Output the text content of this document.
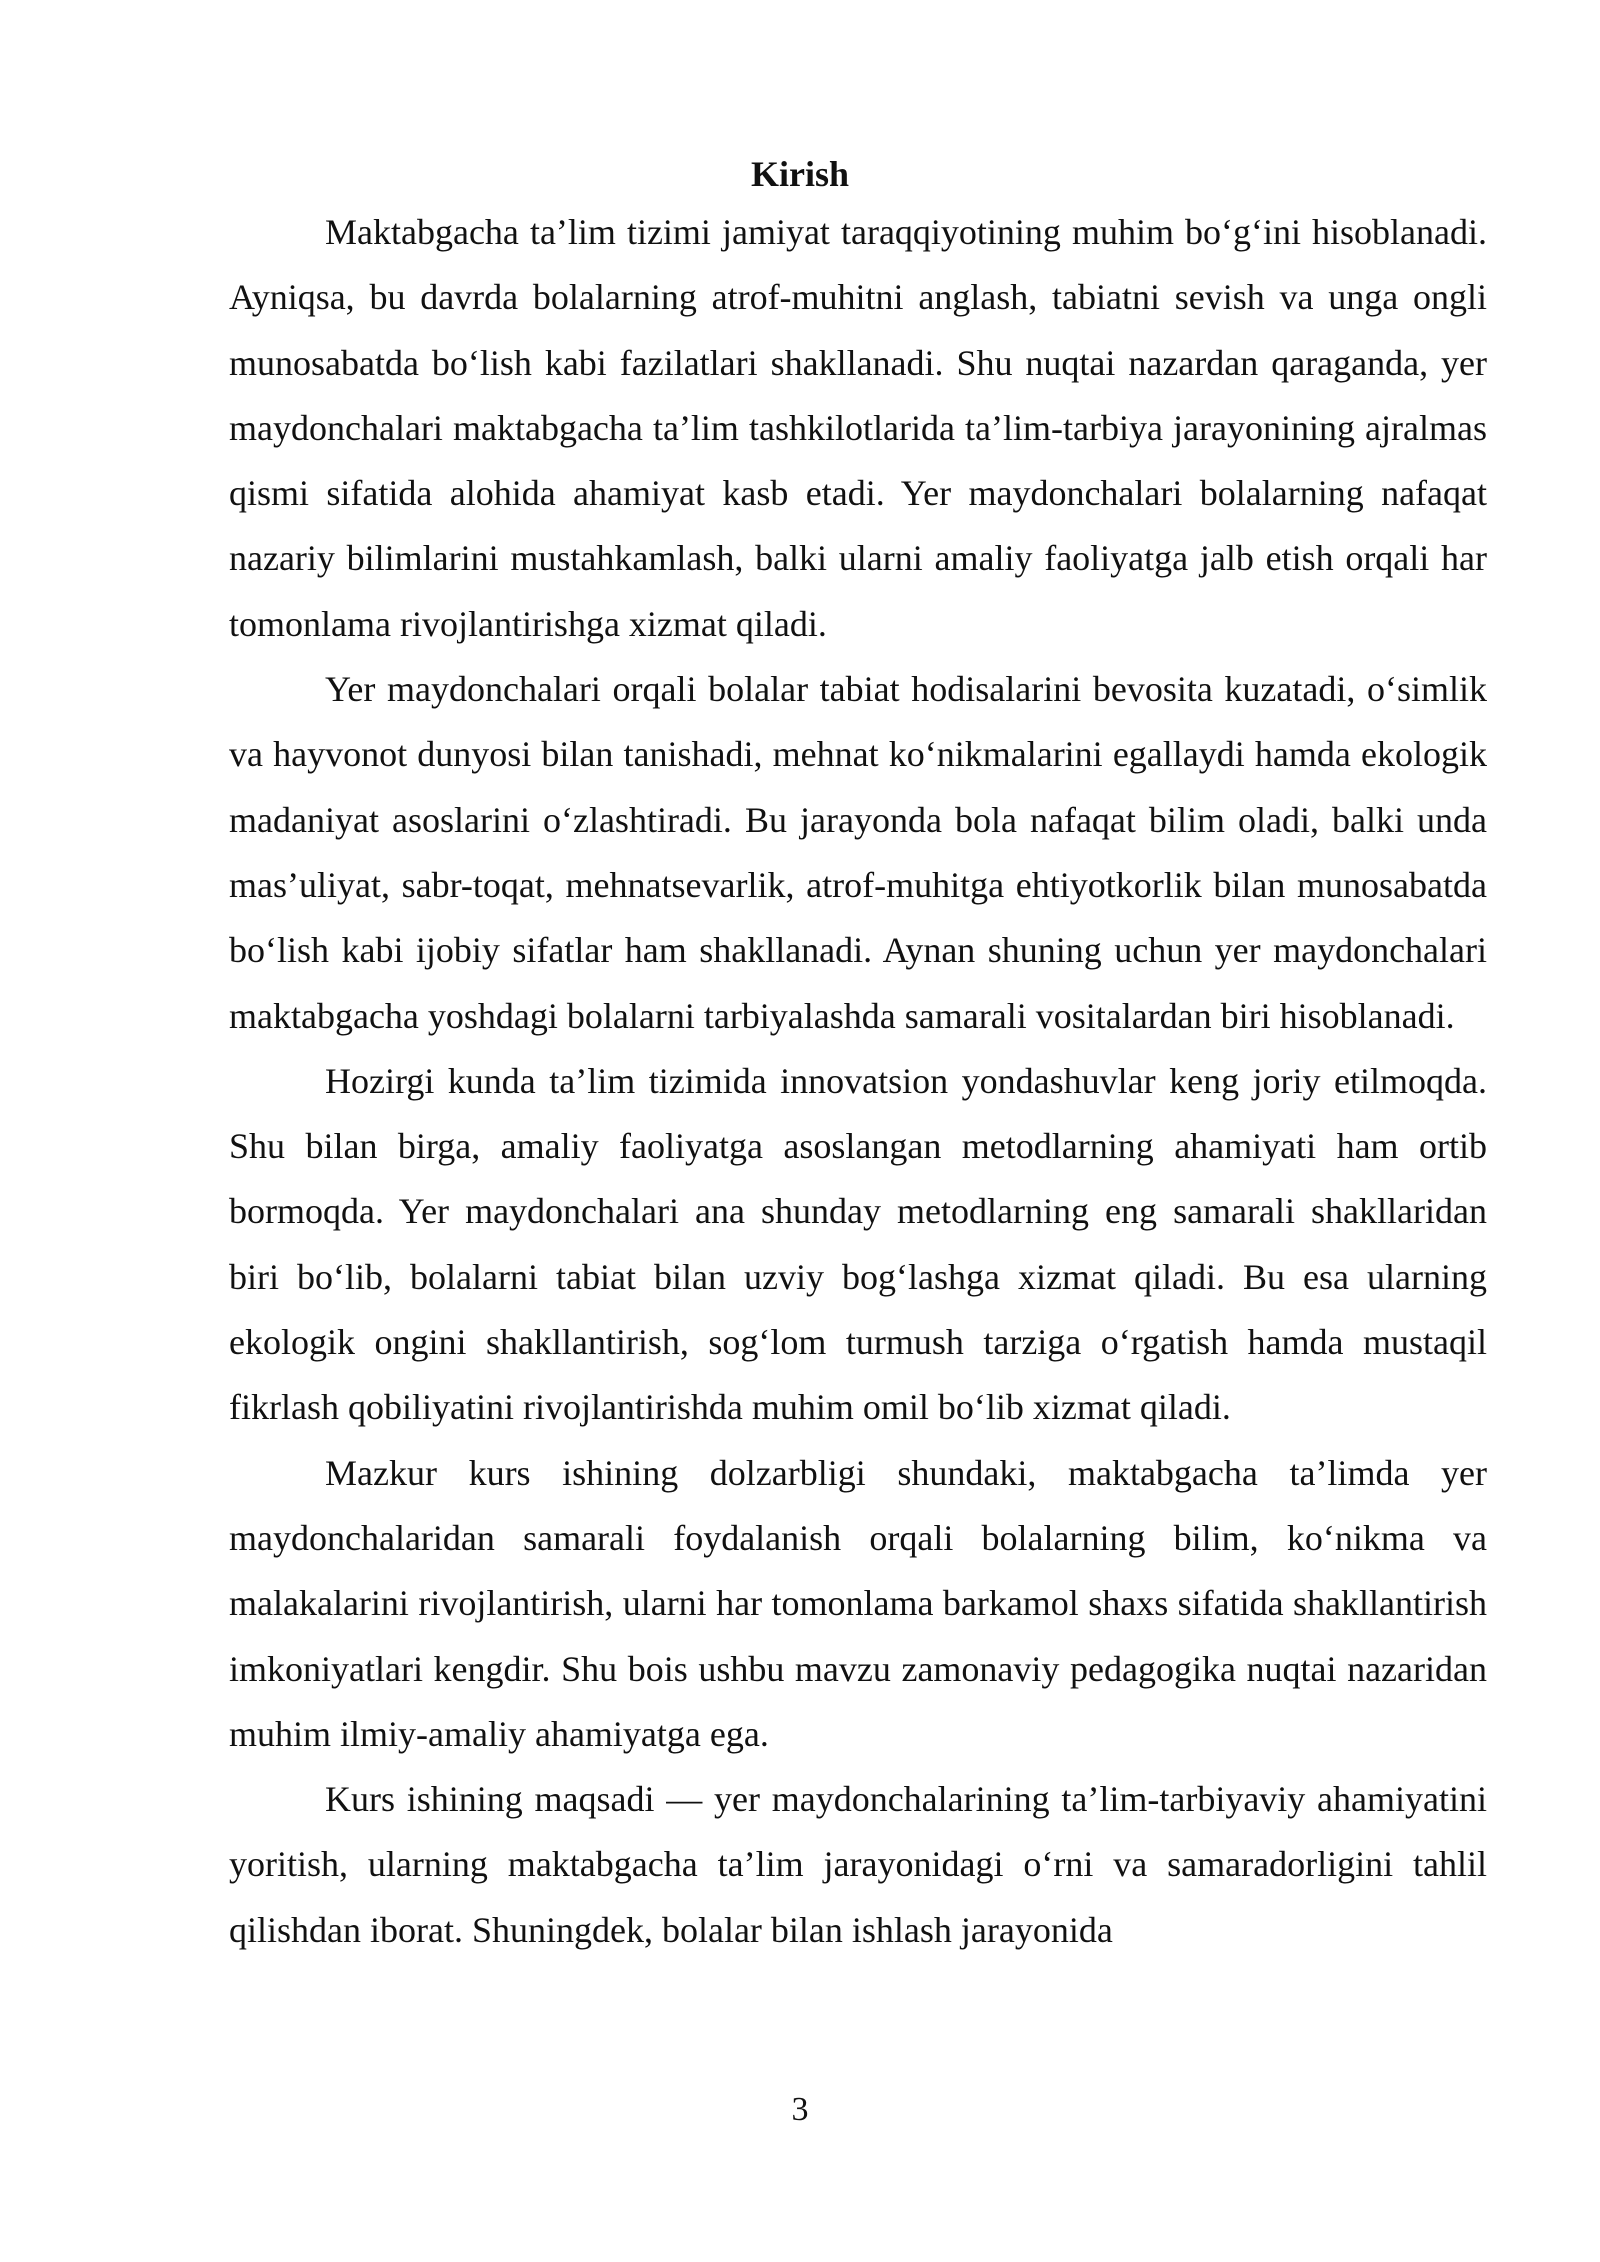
Kirish

Maktabgacha ta’lim tizimi jamiyat taraqqiyotining muhim bo‘g‘ini hisoblanadi. Ayniqsa, bu davrda bolalarning atrof-muhitni anglash, tabiatni sevish va unga ongli munosabatda bo‘lish kabi fazilatlari shakllanadi. Shu nuqtai nazardan qaraganda, yer maydonchalari maktabgacha ta’lim tashkilotlarida ta’lim-tarbiya jarayonining ajralmas qismi sifatida alohida ahamiyat kasb etadi. Yer maydonchalari bolalarning nafaqat nazariy bilimlarini mustahkamlash, balki ularni amaliy faoliyatga jalb etish orqali har tomonlama rivojlantirishga xizmat qiladi.

Yer maydonchalari orqali bolalar tabiat hodisalarini bevosita kuzatadi, o‘simlik va hayvonot dunyosi bilan tanishadi, mehnat ko‘nikmalarini egallaydi hamda ekologik madaniyat asoslarini o‘zlashtiradi. Bu jarayonda bola nafaqat bilim oladi, balki unda mas’uliyat, sabr-toqat, mehnatsevarlik, atrof-muhitga ehtiyotkorlik bilan munosabatda bo‘lish kabi ijobiy sifatlar ham shakllanadi. Aynan shuning uchun yer maydonchalari maktabgacha yoshdagi bolalarni tarbiyalashda samarali vositalardan biri hisoblanadi.

Hozirgi kunda ta’lim tizimida innovatsion yondashuvlar keng joriy etilmoqda. Shu bilan birga, amaliy faoliyatga asoslangan metodlarning ahamiyati ham ortib bormoqda. Yer maydonchalari ana shunday metodlarning eng samarali shakllaridan biri bo‘lib, bolalarni tabiat bilan uzviy bog‘lashga xizmat qiladi. Bu esa ularning ekologik ongini shakllantirish, sog‘lom turmush tarziga o‘rgatish hamda mustaqil fikrlash qobiliyatini rivojlantirishda muhim omil bo‘lib xizmat qiladi.

Mazkur kurs ishining dolzarbligi shundaki, maktabgacha ta’limda yer maydonchalaridan samarali foydalanish orqali bolalarning bilim, ko‘nikma va malakalarini rivojlantirish, ularni har tomonlama barkamol shaxs sifatida shakllantirish imkoniyatlari kengdir. Shu bois ushbu mavzu zamonaviy pedagogika nuqtai nazaridan muhim ilmiy-amaliy ahamiyatga ega.

Kurs ishining maqsadi — yer maydonchalarining ta’lim-tarbiyaviy ahamiyatini yoritish, ularning maktabgacha ta’lim jarayonidagi o‘rni va samaradorligini tahlil qilishdan iborat. Shuningdek, bolalar bilan ishlash jarayonida

3
